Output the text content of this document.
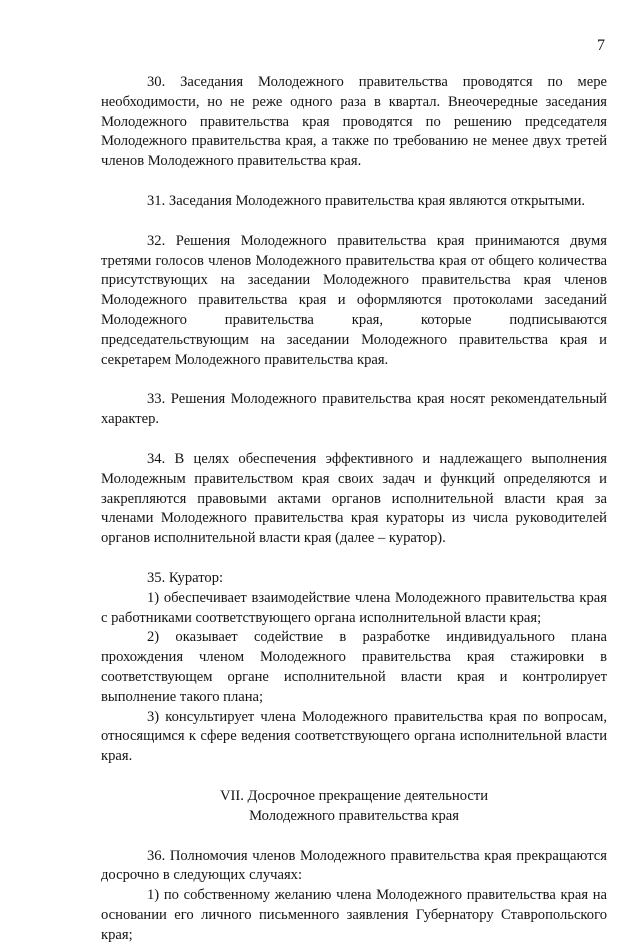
7

30. Заседания Молодежного правительства проводятся по мере необходимости, но не реже одного раза в квартал. Внеочередные заседания Молодежного правительства края проводятся по решению председателя Молодежного правительства края, а также по требованию не менее двух третей членов Молодежного правительства края.

31. Заседания Молодежного правительства края являются открытыми.

32. Решения Молодежного правительства края принимаются двумя третями голосов членов Молодежного правительства края от общего количества присутствующих на заседании Молодежного правительства края членов Молодежного правительства края и оформляются протоколами заседаний Молодежного правительства края, которые подписываются председательствующим на заседании Молодежного правительства края и секретарем Молодежного правительства края.

33. Решения Молодежного правительства края носят рекомендательный характер.

34. В целях обеспечения эффективного и надлежащего выполнения Молодежным правительством края своих задач и функций определяются и закрепляются правовыми актами органов исполнительной власти края за членами Молодежного правительства края кураторы из числа руководителей органов исполнительной власти края (далее – куратор).

35. Куратор:

1) обеспечивает взаимодействие члена Молодежного правительства края с работниками соответствующего органа исполнительной власти края;

2) оказывает содействие в разработке индивидуального плана прохождения членом Молодежного правительства края стажировки в соответствующем органе исполнительной власти края и контролирует выполнение такого плана;

3) консультирует члена Молодежного правительства края по вопросам, относящимся к сфере ведения соответствующего органа исполнительной власти края.

VII. Досрочное прекращение деятельности

Молодежного правительства края

36. Полномочия членов Молодежного правительства края прекращаются досрочно в следующих случаях:

1) по собственному желанию члена Молодежного правительства края на основании его личного письменного заявления Губернатору Ставропольского края;
